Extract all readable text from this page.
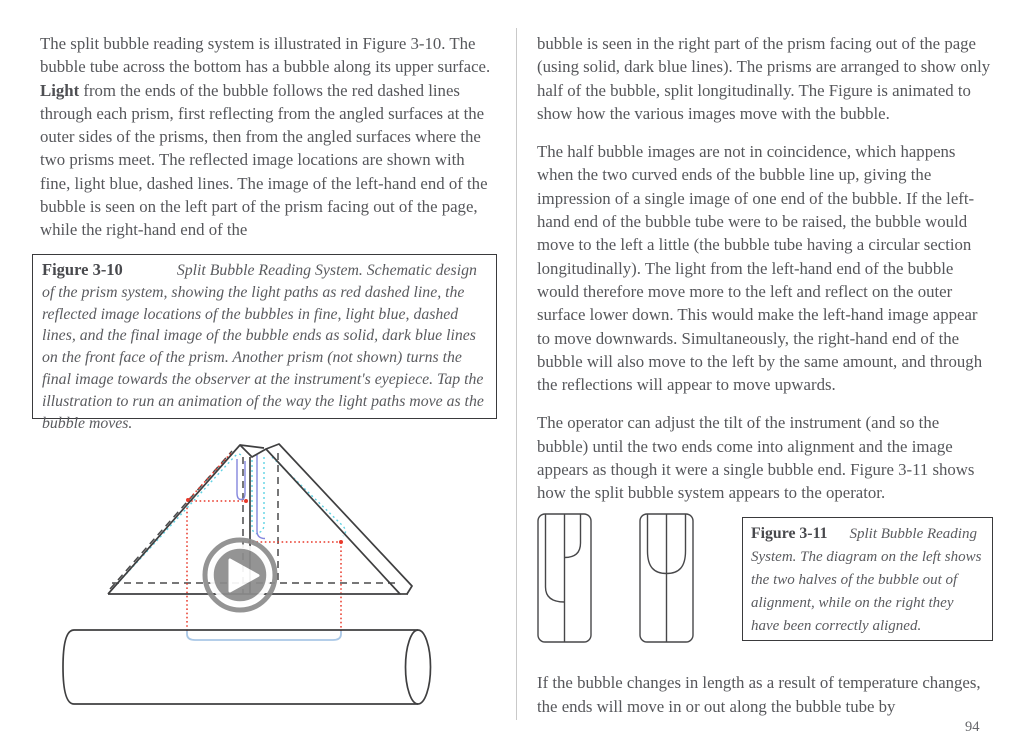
The split bubble reading system is illustrated in Figure 3-10. The bubble tube across the bottom has a bubble along its upper surface. Light from the ends of the bubble follows the red dashed lines through each prism, first reflecting from the angled surfaces at the outer sides of the prisms, then from the angled surfaces where the two prisms meet. The reflected image locations are shown with fine, light blue, dashed lines. The image of the left-hand end of the bubble is seen on the left part of the prism facing out of the page, while the right-hand end of the

Figure 3-10	Split Bubble Reading System. Schematic design of the prism system, showing the light paths as red dashed line, the reflected image locations of the bubbles in fine, light blue, dashed lines, and the final image of the bubble ends as solid, dark blue lines on the front face of the prism. Another prism (not shown) turns the final image towards the observer at the instrument's eyepiece. Tap the illustration to run an animation of the way the light paths move as the bubble moves.

bubble is seen in the right part of the prism facing out of the page (using solid, dark blue lines). The prisms are arranged to show only half of the bubble, split longitudinally. The Figure is animated to show how the various images move with the bubble.

The half bubble images are not in coincidence, which happens when the two curved ends of the bubble line up, giving the impression of a single image of one end of the bubble. If the left-hand end of the bubble tube were to be raised, the bubble would move to the left a little (the bubble tube having a circular section longitudinally). The light from the left-hand end of the bubble would therefore move more to the left and reflect on the outer surface lower down. This would make the left-hand image appear to move downwards. Simultaneously, the right-hand end of the bubble will also move to the left by the same amount, and through the reflections will appear to move upwards.

The operator can adjust the tilt of the instrument (and so the bubble) until the two ends come into alignment and the image appears as though it were a single bubble end. Figure 3-11 shows how the split bubble system appears to the operator.

Figure 3-11 Split Bubble Reading System. The diagram on the left shows the two halves of the bubble out of alignment, while on the right they have been correctly aligned.

If the bubble changes in length as a result of temperature changes, the ends will move in or out along the bubble tube by

94
